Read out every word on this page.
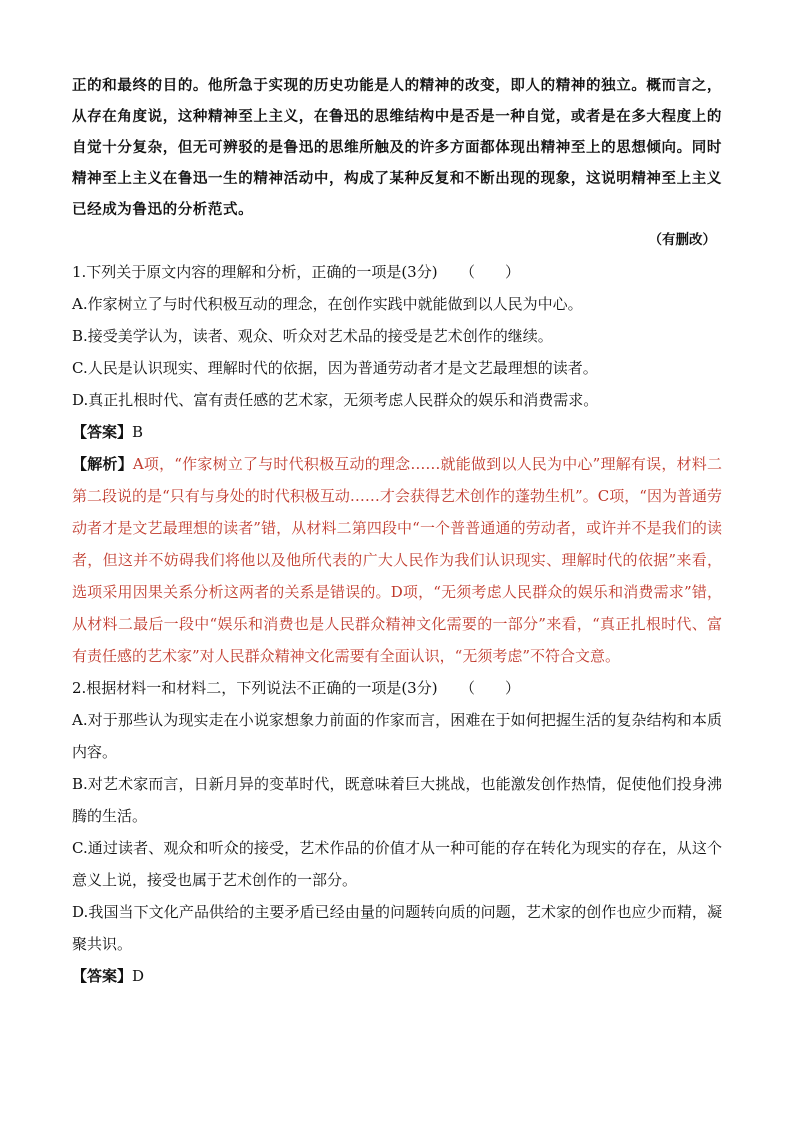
正的和最终的目的。他所急于实现的历史功能是人的精神的改变，即人的精神的独立。概而言之，从存在角度说，这种精神至上主义，在鲁迅的思维结构中是否是一种自觉，或者是在多大程度上的自觉十分复杂，但无可辨驳的是鲁迅的思维所触及的许多方面都体现出精神至上的思想倾向。同时精神至上主义在鲁迅一生的精神活动中，构成了某种反复和不断出现的现象，这说明精神至上主义已经成为鲁迅的分析范式。

（有删改）

1.下列关于原文内容的理解和分析，正确的一项是(3分)　　（　　）

A.作家树立了与时代积极互动的理念，在创作实践中就能做到以人民为中心。

B.接受美学认为，读者、观众、听众对艺术品的接受是艺术创作的继续。

C.人民是认识现实、理解时代的依据，因为普通劳动者才是文艺最理想的读者。

D.真正扎根时代、富有责任感的艺术家，无须考虑人民群众的娱乐和消费需求。

【答案】B

【解析】A项，“作家树立了与时代积极互动的理念……就能做到以人民为中心”理解有误，材料二第二段说的是“只有与身处的时代积极互动……才会获得艺术创作的蓬勃生机”。C项，“因为普通劳动者才是文艺最理想的读者”错，从材料二第四段中“一个普普通通的劳动者，或许并不是我们的读者，但这并不妨碍我们将他以及他所代表的广大人民作为我们认识现实、理解时代的依据”来看，选项采用因果关系分析这两者的关系是错误的。D项，“无须考虑人民群众的娱乐和消费需求”错，从材料二最后一段中“娱乐和消费也是人民群众精神文化需要的一部分”来看，“真正扎根时代、富有责任感的艺术家”对人民群众精神文化需要有全面认识，“无须考虑”不符合文意。

2.根据材料一和材料二，下列说法不正确的一项是(3分)　　（　　）

A.对于那些认为现实走在小说家想象力前面的作家而言，困难在于如何把握生活的复杂结构和本质内容。

B.对艺术家而言，日新月异的变革时代，既意味着巨大挑战，也能激发创作热情，促使他们投身沸腾的生活。

C.通过读者、观众和听众的接受，艺术作品的价值才从一种可能的存在转化为现实的存在，从这个意义上说，接受也属于艺术创作的一部分。

D.我国当下文化产品供给的主要矛盾已经由量的问题转向质的问题，艺术家的创作也应少而精，凝聚共识。

【答案】D
